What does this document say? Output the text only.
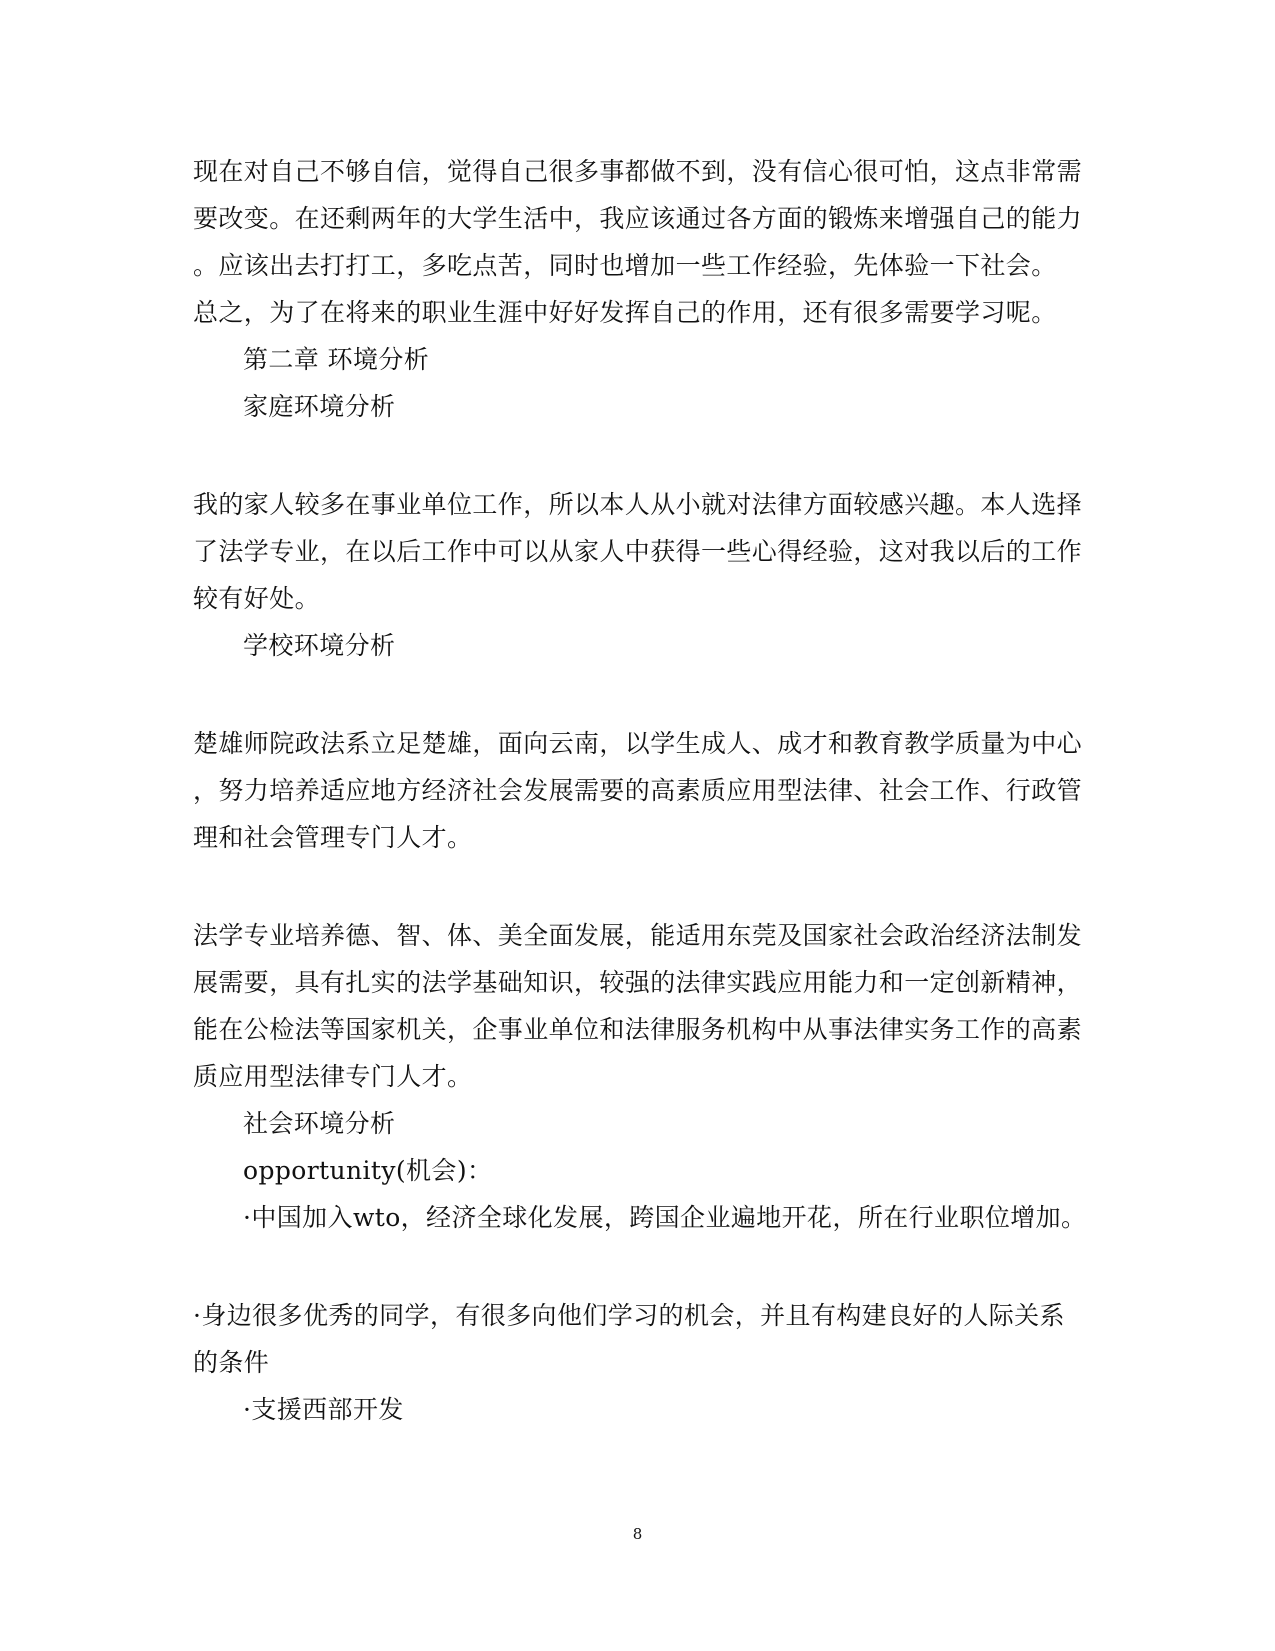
现在对自己不够自信，觉得自己很多事都做不到，没有信心很可怕，这点非常需
要改变。在还剩两年的大学生活中，我应该通过各方面的锻炼来增强自己的能力
。应该出去打打工，多吃点苦，同时也增加一些工作经验，先体验一下社会。
总之，为了在将来的职业生涯中好好发挥自己的作用，还有很多需要学习呢。
第二章 环境分析
家庭环境分析
我的家人较多在事业单位工作，所以本人从小就对法律方面较感兴趣。本人选择
了法学专业，在以后工作中可以从家人中获得一些心得经验，这对我以后的工作
较有好处。
学校环境分析
楚雄师院政法系立足楚雄，面向云南，以学生成人、成才和教育教学质量为中心
，努力培养适应地方经济社会发展需要的高素质应用型法律、社会工作、行政管
理和社会管理专门人才。
法学专业培养德、智、体、美全面发展，能适用东莞及国家社会政治经济法制发
展需要，具有扎实的法学基础知识，较强的法律实践应用能力和一定创新精神，
能在公检法等国家机关，企事业单位和法律服务机构中从事法律实务工作的高素
质应用型法律专门人才。
社会环境分析
opportunity(机会)：
·中国加入wto，经济全球化发展，跨国企业遍地开花，所在行业职位增加。
·身边很多优秀的同学，有很多向他们学习的机会，并且有构建良好的人际关系
的条件
·支援西部开发
8
